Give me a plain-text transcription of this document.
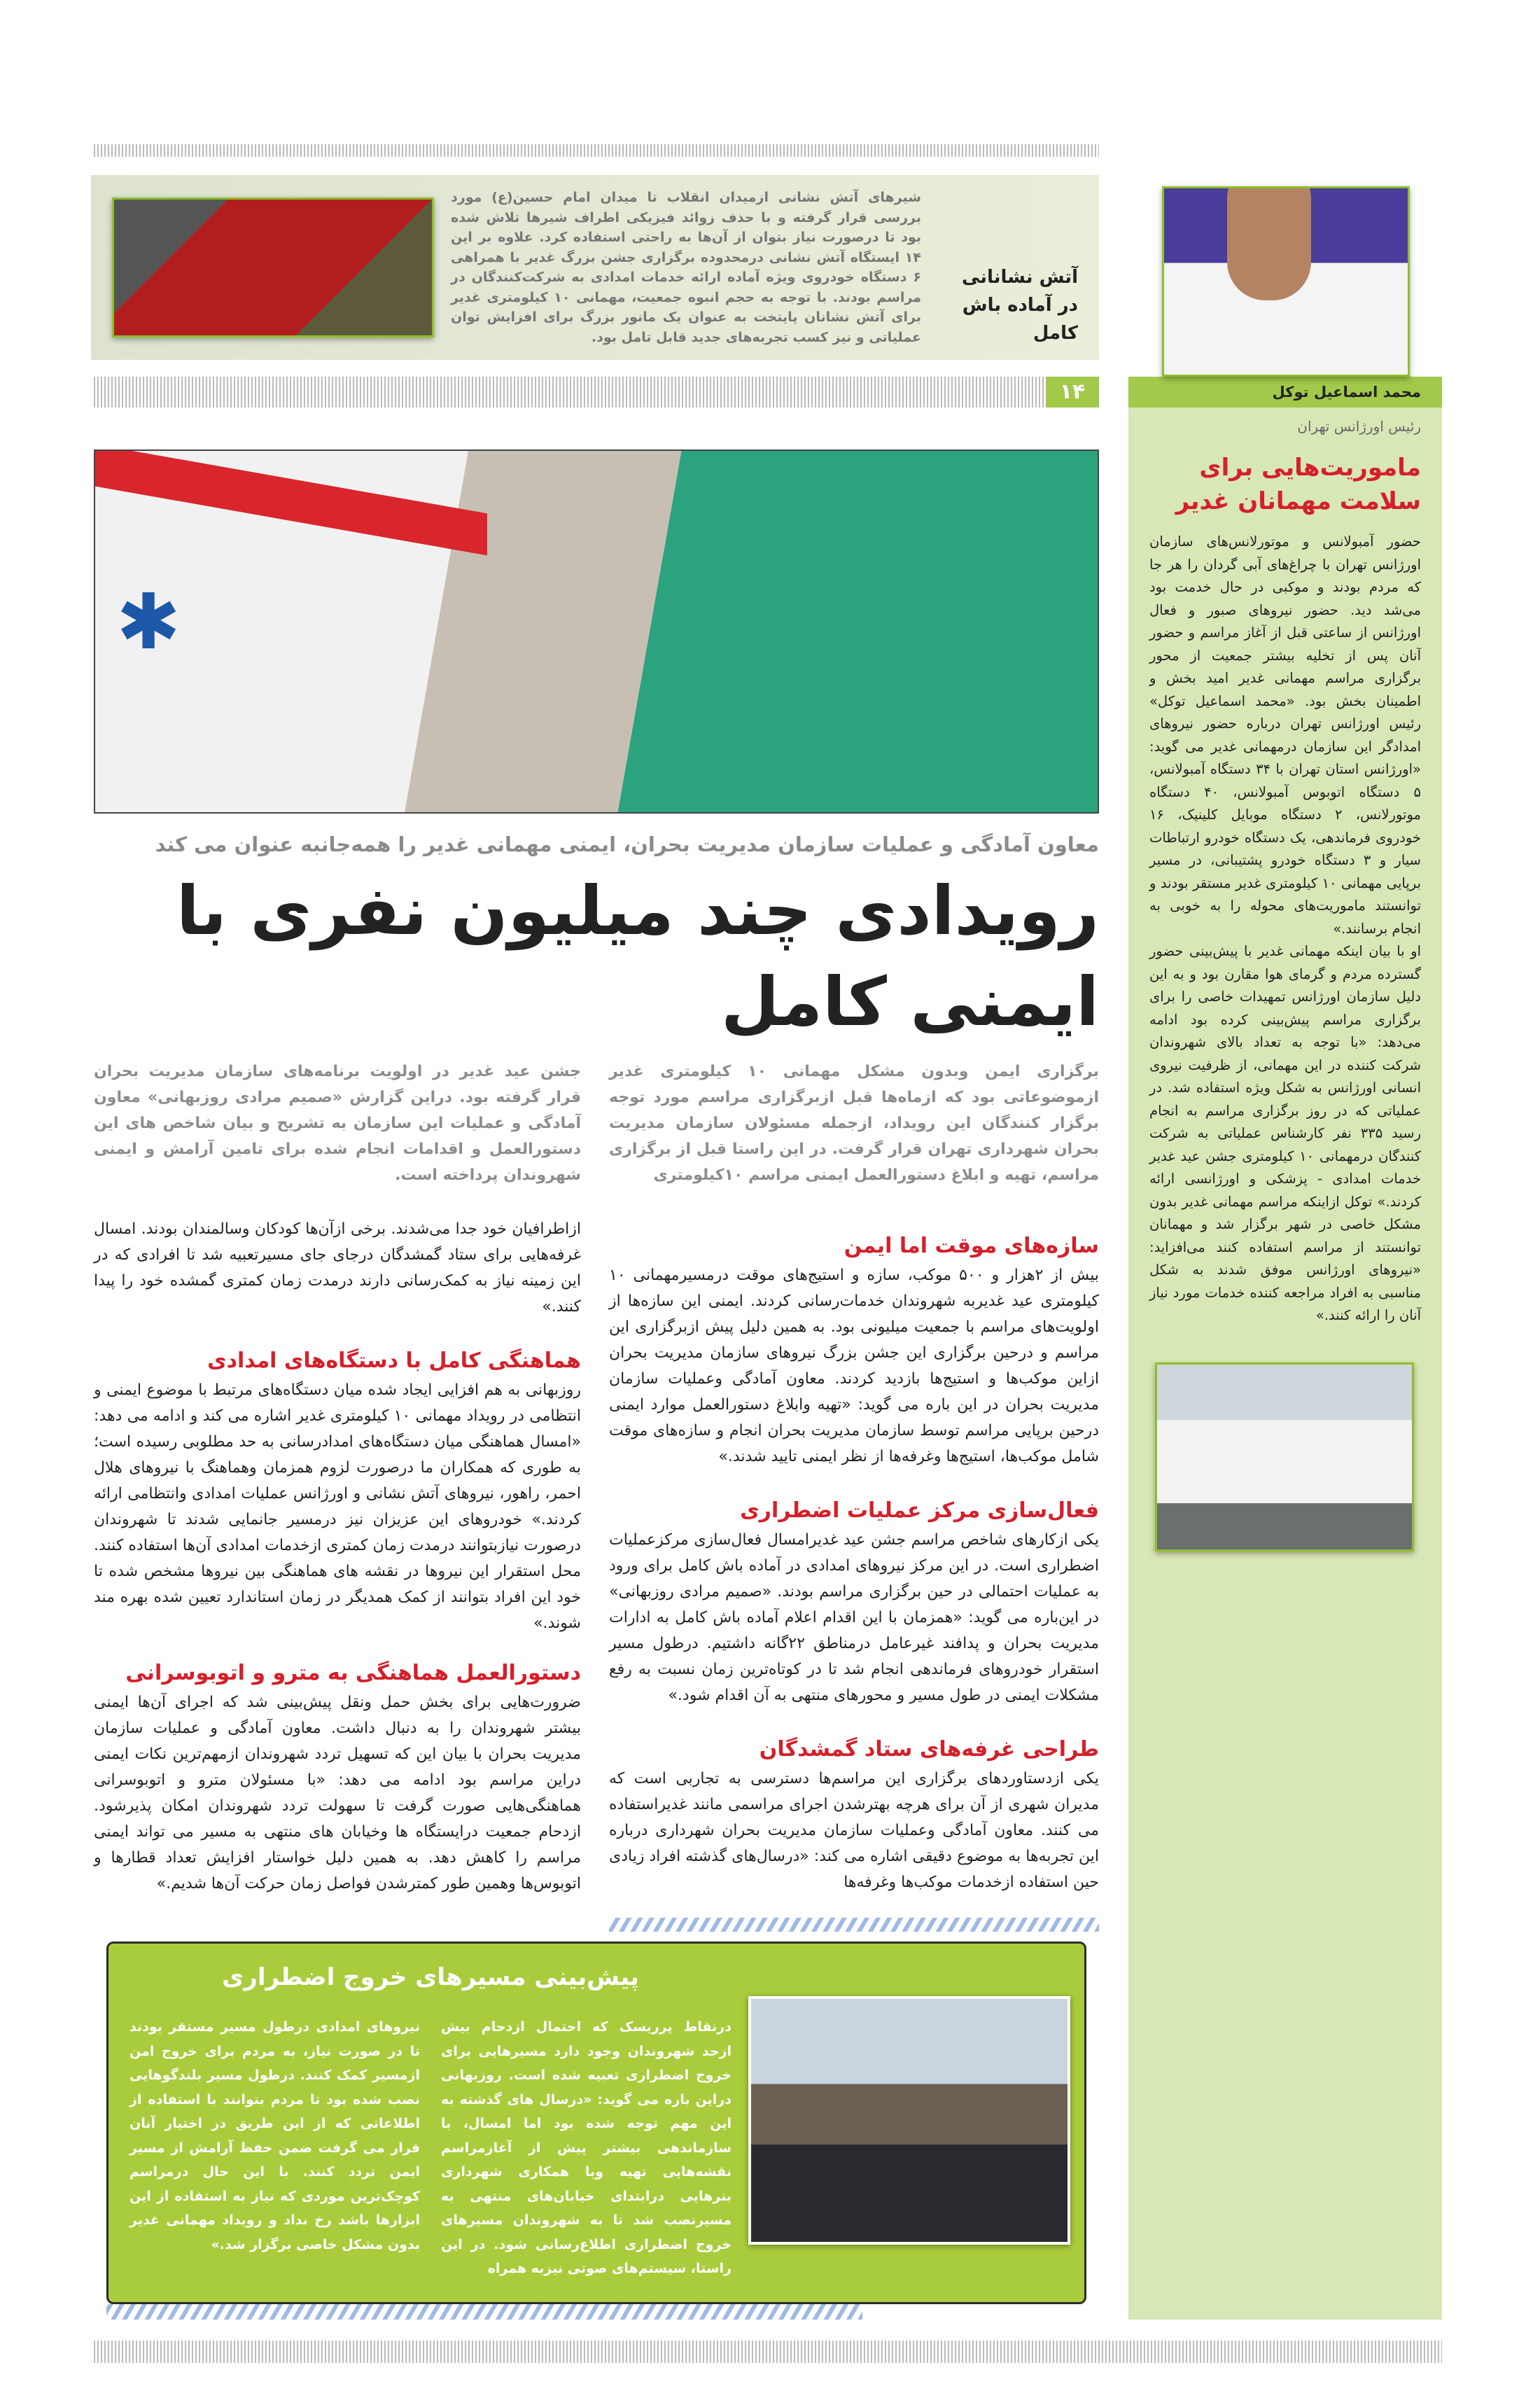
شیرهای آتش نشانی ازمیدان انقلاب تا میدان امام حسین(ع) مورد بررسی قرار گرفته و با حذف زوائد فیزیکی اطراف شیرها تلاش شده بود تا درصورت نیاز بتوان از آن‌ها به راحتی استفاده کرد. علاوه بر این ۱۴ ایستگاه آتش نشانی درمحدوده برگزاری جشن بزرگ غدیر با همراهی ۶ دستگاه خودروی ویژه آماده ارائه خدمات امدادی به شرکت‌کنندگان در مراسم بودند. با توجه به حجم انبوه جمعیت، مهمانی ۱۰ کیلومتری غدیر برای آتش نشانان پایتخت به عنوان یک مانور بزرگ برای افزایش توان عملیاتی و نیز کسب تجربه‌های جدید قابل تامل بود.
آتش نشانانی
در آماده باش کامل
۱۴
✱
معاون آمادگی و عملیات سازمان مدیریت بحران، ایمنی مهمانی غدیر را همه‌جانبه عنوان می کند
رویدادی چند میلیون نفری با ایمنی کامل

برگزاری ایمن وبدون مشکل مهمانی ۱۰ کیلومتری غدیر ازموضوعاتی بود که ازماه‌ها قبل ازبرگزاری مراسم مورد توجه برگزار کنندگان این رویداد، ازجمله مسئولان سازمان مدیریت بحران شهرداری تهران قرار گرفت. در این راستا قبل از برگزاری مراسم، تهیه و ابلاغ دستورالعمل ایمنی مراسم ۱۰کیلومتری

سازه‌های موقت اما ایمن

بیش از ۲هزار و ۵۰۰ موکب، سازه و استیج‌های موقت درمسیرمهمانی ۱۰ کیلومتری عید غدیربه شهروندان خدمات‌رسانی کردند. ایمنی این سازه‌ها از اولویت‌های مراسم با جمعیت میلیونی بود. به همین دلیل پیش ازبرگزاری این مراسم و درحین برگزاری این جشن بزرگ نیروهای سازمان مدیریت بحران ازاین موکب‌ها و استیج‌ها بازدید کردند. معاون آمادگی وعملیات سازمان مدیریت بحران در این باره می گوید: «تهیه وابلاغ دستورالعمل موارد ایمنی درحین برپایی مراسم توسط سازمان مدیریت بحران انجام و سازه‌های موقت شامل موکب‌ها، استیج‌ها وغرفه‌ها از نظر ایمنی تایید شدند.»

فعال‌سازی مرکز عملیات اضطراری

یکی ازکارهای شاخص مراسم جشن عید غدیرامسال فعال‌سازی مرکزعملیات اضطراری است. در این مرکز نیروهای امدادی در آماده باش کامل برای ورود به عملیات احتمالی در حین برگزاری مراسم بودند. «صمیم مرادی روزبهانی» در این‌باره می گوید: «همزمان با این اقدام اعلام آماده باش کامل به ادارات مدیریت بحران و پدافند غیرعامل درمناطق ۲۲گانه داشتیم. درطول مسیر استقرار خودروهای فرماندهی انجام شد تا در کوتاه‌ترین زمان نسبت به رفع مشکلات ایمنی در طول مسیر و محورهای منتهی به آن اقدام شود.»

طراحی غرفه‌های ستاد گمشدگان

یکی ازدستاوردهای برگزاری این مراسم‌ها دسترسی به تجاربی است که مدیران شهری از آن برای هرچه بهترشدن اجرای مراسمی مانند غدیراستفاده می کنند. معاون آمادگی وعملیات سازمان مدیریت بحران شهرداری درباره این تجربه‌ها به موضوع دقیقی اشاره می کند: «درسال‌های گذشته افراد زیادی حین استفاده ازخدمات موکب‌ها وغرفه‌ها

جشن عید غدیر در اولویت برنامه‌های سازمان مدیریت بحران قرار گرفته بود. دراین گزارش «صمیم مرادی روزبهانی» معاون آمادگی و عملیات این سازمان به تشریح و بیان شاخص های این دستورالعمل و اقدامات انجام شده برای تامین آرامش و ایمنی شهروندان پرداخته است.

ازاطرافیان خود جدا می‌شدند. برخی ازآن‌ها کودکان وسالمندان بودند. امسال غرفه‌هایی برای ستاد گمشدگان درجای جای مسیرتعبیه شد تا افرادی که در این زمینه نیاز به کمک‌رسانی دارند درمدت زمان کمتری گمشده خود را پیدا کنند.»

هماهنگی کامل با دستگاه‌های امدادی

روزبهانی به هم افزایی ایجاد شده میان دستگاه‌های مرتبط با موضوع ایمنی و انتظامی در رویداد مهمانی ۱۰ کیلومتری غدیر اشاره می کند و ادامه می دهد: «امسال هماهنگی میان دستگاه‌های امدادرسانی به حد مطلوبی رسیده است؛ به طوری که همکاران ما درصورت لزوم همزمان وهماهنگ با نیروهای هلال احمر، راهور، نیروهای آتش نشانی و اورژانس عملیات امدادی وانتظامی ارائه کردند.» خودروهای این عزیزان نیز درمسیر جانمایی شدند تا شهروندان درصورت نیازبتوانند درمدت زمان کمتری ازخدمات امدادی آن‌ها استفاده کنند. محل استقرار این نیروها در نقشه های هماهنگی بین نیروها مشخص شده تا خود این افراد بتوانند از کمک همدیگر در زمان استاندارد تعیین شده بهره مند شوند.»

دستورالعمل هماهنگی به مترو و اتوبوسرانی

ضرورت‌هایی برای بخش حمل ونقل پیش‌بینی شد که اجرای آن‌ها ایمنی بیشتر شهروندان را به دنبال داشت. معاون آمادگی و عملیات سازمان مدیریت بحران با بیان این که تسهیل تردد شهروندان ازمهم‌ترین نکات ایمنی دراین مراسم بود ادامه می دهد: «با مسئولان مترو و اتوبوسرانی هماهنگی‌هایی صورت گرفت تا سهولت تردد شهروندان امکان پذیرشود. ازدحام جمعیت درایستگاه ها وخیابان های منتهی به مسیر می تواند ایمنی مراسم را کاهش دهد. به همین دلیل خواستار افزایش تعداد قطارها و اتوبوس‌ها وهمین طور کمترشدن فواصل زمان حرکت آن‌ها شدیم.»

پیش‌بینی مسیرهای خروج اضطراری

درنقاط پرریسک که احتمال ازدحام بیش ازحد شهروندان وجود دارد مسیرهایی برای خروج اضطراری تعبیه شده است. روزبهانی دراین باره می گوید: «درسال های گذشته به این مهم توجه شده بود اما امسال، با سازماندهی بیشتر پیش از آغازمراسم نقشه‌هایی تهیه وبا همکاری شهرداری بنرهایی درابتدای خیابان‌های منتهی به مسیرنصب شد تا به شهروندان مسیرهای خروج اضطراری اطلاع‌رسانی شود. در این راستا، سیستم‌های صوتی نیزبه همراه

نیروهای امدادی درطول مسیر مستقر بودند تا در صورت نیاز، به مردم برای خروج امن ازمسیر کمک کنند. درطول مسیر بلندگوهایی نصب شده بود تا مردم بتوانند با استفاده از اطلاعاتی که از این طریق در اختیار آنان قرار می گرفت ضمن حفظ آرامش از مسیر ایمن تردد کنند. با این حال درمراسم کوچک‌ترین موردی که نیاز به استفاده از این ابزارها باشد رخ نداد و رویداد مهمانی غدیر بدون مشکل خاصی برگزار شد.»

محمد اسماعیل توکل
رئیس اورژانس تهران
ماموریت‌هایی برای سلامت مهمانان غدیر

حضور آمبولانس و موتورلانس‌های سازمان اورژانس تهران با چراغ‌های آبی گردان را هر جا که مردم بودند و موکبی در حال خدمت بود می‌شد دید. حضور نیروهای صبور و فعال اورژانس از ساعتی قبل از آغاز مراسم و حضور آنان پس از تخلیه بیشتر جمعیت از محور برگزاری مراسم مهمانی غدیر امید بخش و اطمینان بخش بود. «محمد اسماعیل توکل» رئیس اورژانس تهران درباره حضور نیروهای امدادگر این سازمان درمهمانی غدیر می گوید: «اورژانس استان تهران با ۳۴ دستگاه آمبولانس، ۵ دستگاه اتوبوس آمبولانس، ۴۰ دستگاه موتورلانس، ۲ دستگاه موبایل کلینیک، ۱۶ خودروی فرماندهی، یک دستگاه خودرو ارتباطات سیار و ۳ دستگاه خودرو پشتیبانی، در مسیر برپایی مهمانی ۱۰ کیلومتری غدیر مستقر بودند و توانستند ماموریت‌های محوله را به خوبی به انجام برسانند.»

او با بیان اینکه مهمانی غدیر با پیش‌بینی حضور گسترده مردم و گرمای هوا مقارن بود و به این دلیل سازمان اورژانس تمهیدات خاصی را برای برگزاری مراسم پیش‌بینی کرده بود ادامه می‌دهد: «با توجه به تعداد بالای شهروندان شرکت کننده در این مهمانی، از ظرفیت نیروی انسانی اورژانس به شکل ویژه استفاده شد. در عملیاتی که در روز برگزاری مراسم به انجام رسید ۳۳۵ نفر کارشناس عملیاتی به شرکت کنندگان درمهمانی ۱۰ کیلومتری جشن عید غدیر خدمات امدادی - پزشکی و اورژانسی ارائه کردند.» توکل ازاینکه مراسم مهمانی غدیر بدون مشکل خاصی در شهر برگزار شد و مهمانان توانستند از مراسم استفاده کنند می‌افزاید: «نیروهای اورژانس موفق شدند به شکل مناسبی به افراد مراجعه کننده خدمات مورد نیاز آنان را ارائه کنند.»
